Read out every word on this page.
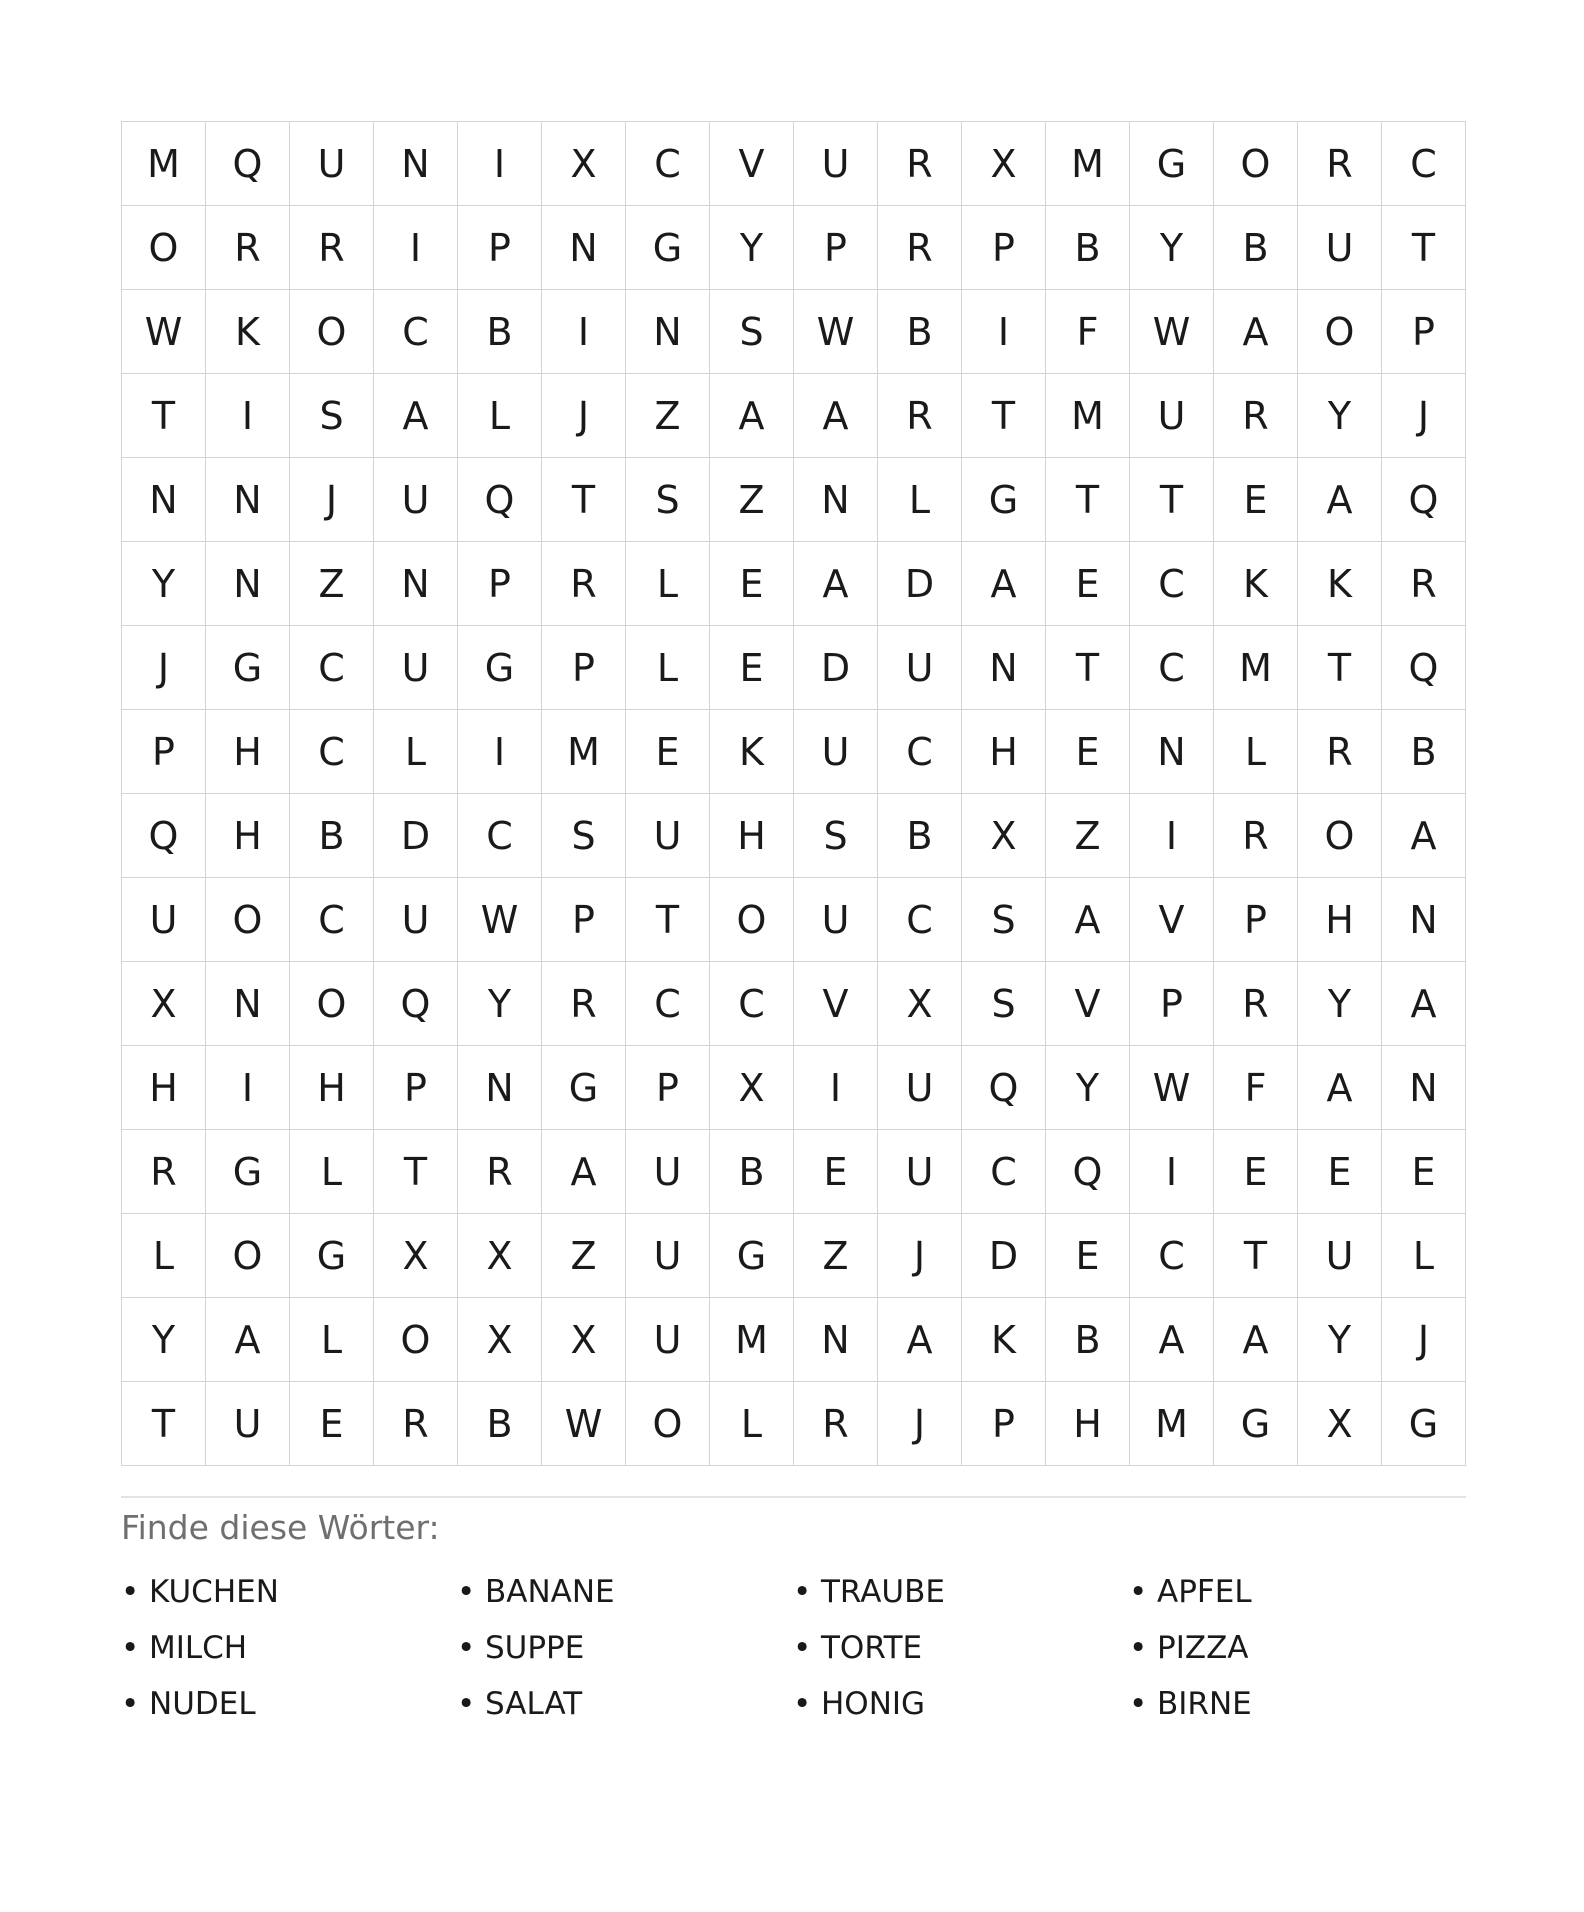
M	Q	U	N	I	X	C	V	U	R	X	M	G	O	R	C
O	R	R	I	P	N	G	Y	P	R	P	B	Y	B	U	T
W	K	O	C	B	I	N	S	W	B	I	F	W	A	O	P
T	I	S	A	L	J	Z	A	A	R	T	M	U	R	Y	J
N	N	J	U	Q	T	S	Z	N	L	G	T	T	E	A	Q
Y	N	Z	N	P	R	L	E	A	D	A	E	C	K	K	R
J	G	C	U	G	P	L	E	D	U	N	T	C	M	T	Q
P	H	C	L	I	M	E	K	U	C	H	E	N	L	R	B
Q	H	B	D	C	S	U	H	S	B	X	Z	I	R	O	A
U	O	C	U	W	P	T	O	U	C	S	A	V	P	H	N
X	N	O	Q	Y	R	C	C	V	X	S	V	P	R	Y	A
H	I	H	P	N	G	P	X	I	U	Q	Y	W	F	A	N
R	G	L	T	R	A	U	B	E	U	C	Q	I	E	E	E
L	O	G	X	X	Z	U	G	Z	J	D	E	C	T	U	L
Y	A	L	O	X	X	U	M	N	A	K	B	A	A	Y	J
T	U	E	R	B	W	O	L	R	J	P	H	M	G	X	G
Finde diese Wörter:
• KUCHEN	• BANANE	• TRAUBE	• APFEL
• MILCH	• SUPPE	• TORTE	• PIZZA
• NUDEL	• SALAT	• HONIG	• BIRNE
